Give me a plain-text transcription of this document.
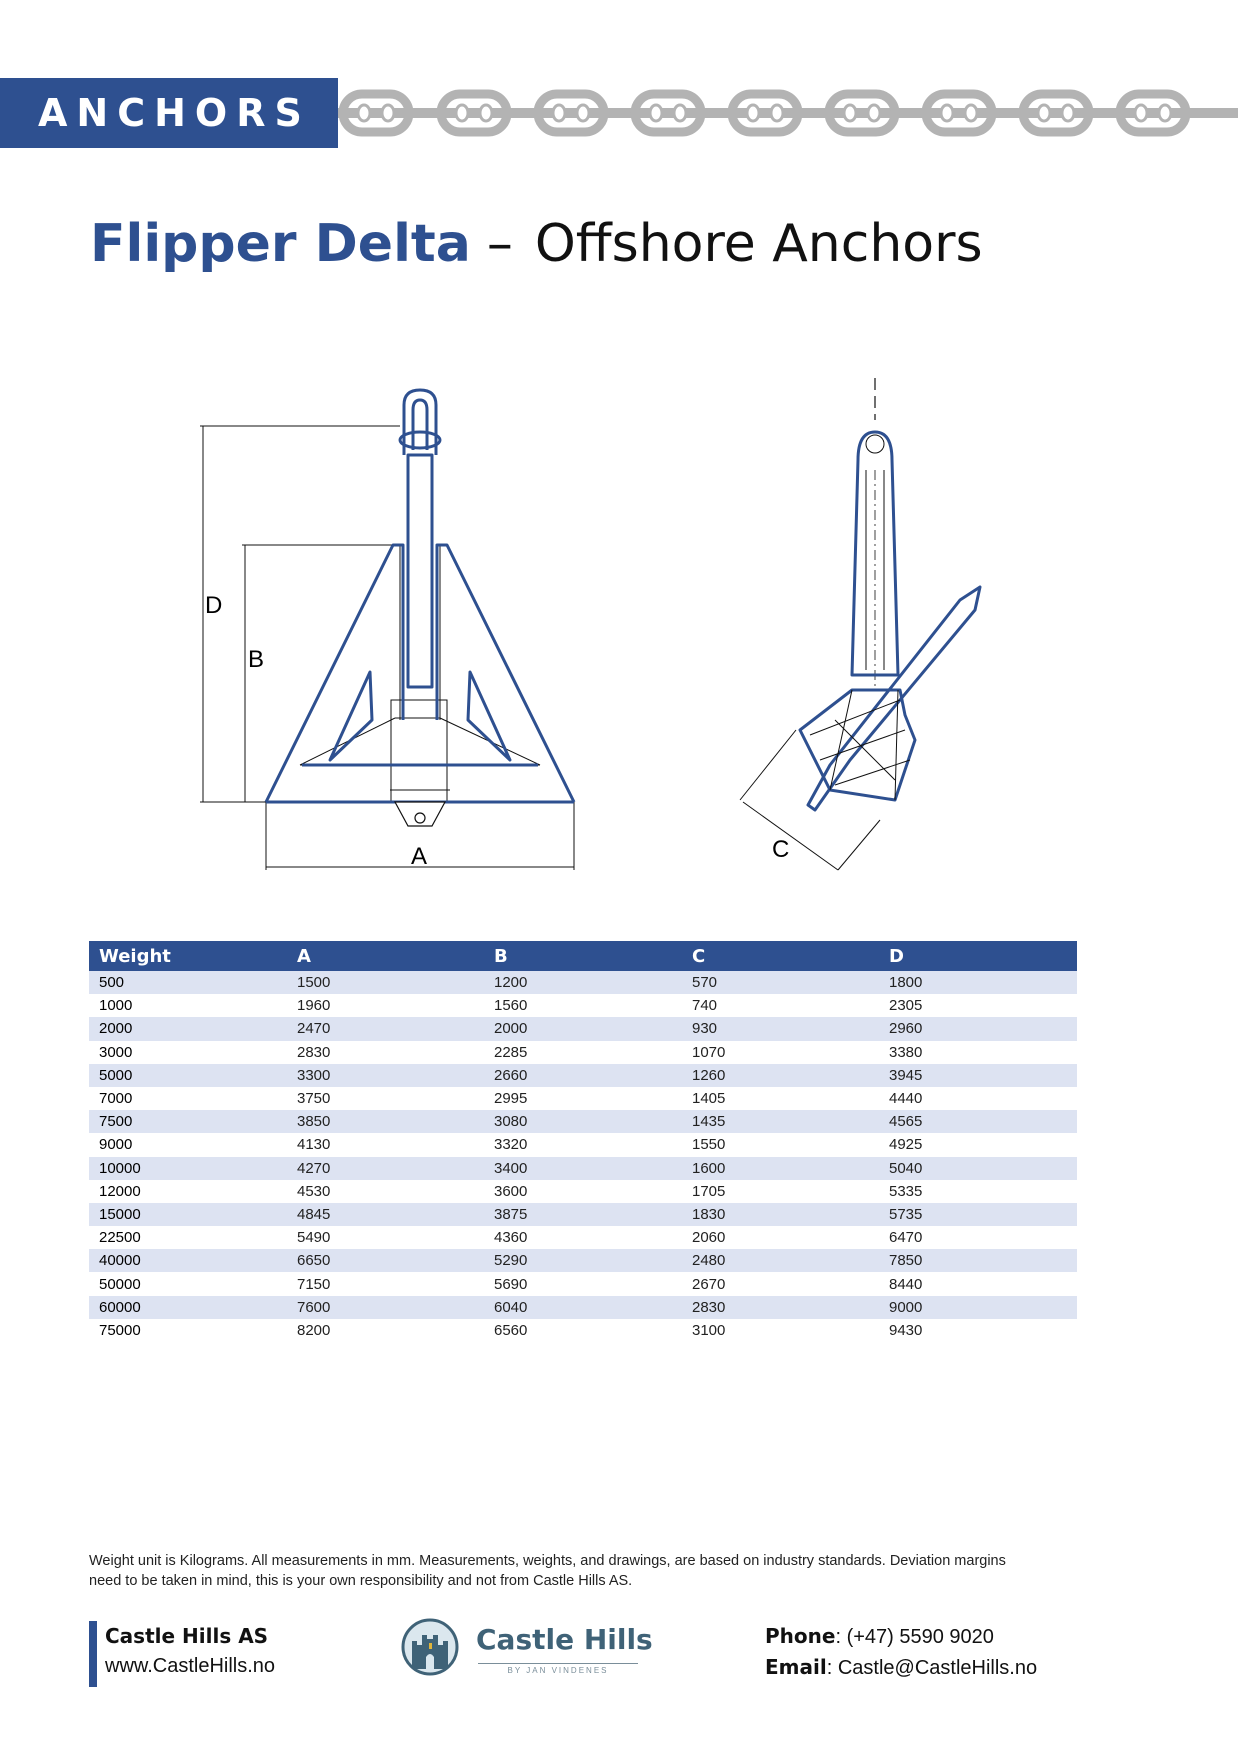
ANCHORS
Flipper Delta – Offshore Anchors
D
B
A	C
Weight	A	B	C	D
500	1500	1200	570	1800
1000	1960	1560	740	2305
2000	2470	2000	930	2960
3000	2830	2285	1070	3380
5000	3300	2660	1260	3945
7000	3750	2995	1405	4440
7500	3850	3080	1435	4565
9000	4130	3320	1550	4925
10000	4270	3400	1600	5040
12000	4530	3600	1705	5335
15000	4845	3875	1830	5735
22500	5490	4360	2060	6470
40000	6650	5290	2480	7850
50000	7150	5690	2670	8440
60000	7600	6040	2830	9000
75000	8200	6560	3100	9430
Weight unit is Kilograms. All measurements in mm. Measurements, weights, and drawings, are based on industry standards. Deviation margins
need to be taken in mind, this is your own responsibility and not from Castle Hills AS.
Castle Hills AS
www.CastleHills.no
Castle Hills
BY JAN VINDENES
Phone: (+47) 5590 9020
Email: Castle@CastleHills.no
